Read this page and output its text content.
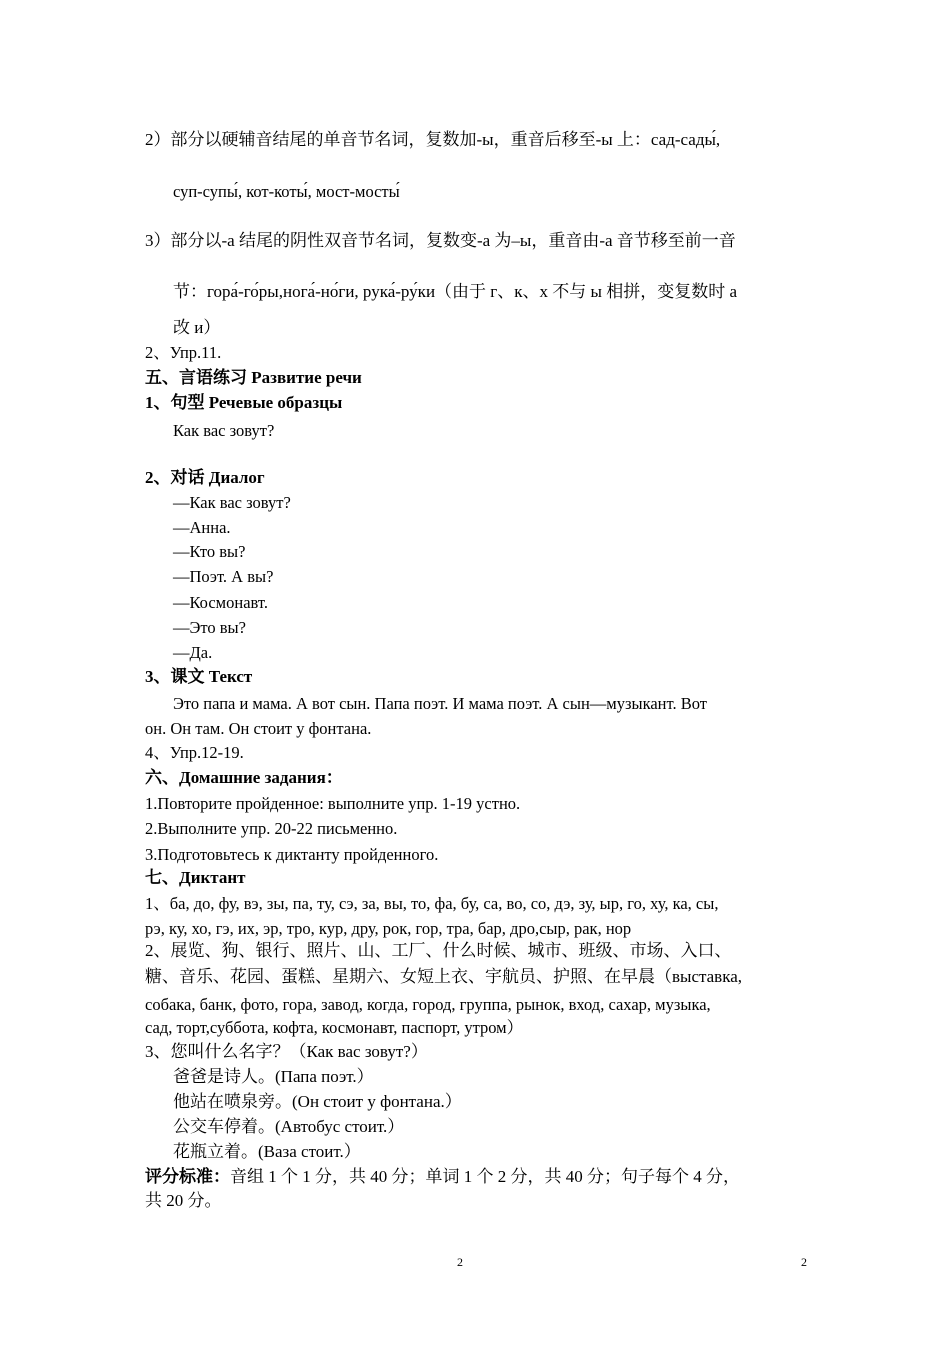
2）部分以硬辅音结尾的单音节名词，复数加-ы，重音后移至-ы 上：сад-сады́,
суп-супы́, кот-коты́, мост-мосты́
3）部分以-а 结尾的阴性双音节名词，复数变-а 为–ы，重音由-а 音节移至前一音
节：гора́-го́ры,нога́-но́ги, рука́-ру́ки（由于 г、к、х 不与 ы 相拼，变复数时 а
改 и）
2、Упр.11.
五、言语练习 Развитие речи
1、句型 Речевые образцы
Как вас зовут?
2、对话 Диалог
—Как вас зовут?
—Анна.
—Кто вы?
—Поэт. А вы?
—Космонавт.
—Это вы?
—Да.
3、课文 Текст
Это папа и мама. А вот сын. Папа поэт. И мама поэт. А сын—музыкант. Вот
он. Он там. Он стоит у фонтана.
4、Упр.12-19.
六、Домашние задания：
1.Повторите пройденное: выполните упр. 1-19 устно.
2.Выполните упр. 20-22 письменно.
3.Подготовьтесь к диктанту пройденного.
七、Диктант
1、ба, до, фу, вэ, зы, па, ту, сэ, за, вы, то, фа, бу, са, во, со, дэ, зу, ыр, го, ху, ка, сы,
рэ, ку, хо, гэ, их, эр, тро, кур, дру, рок, гор, тра, бар, дро,сыр, рак, нор
2、展览、狗、银行、照片、山、工厂、什么时候、城市、班级、市场、入口、
糖、音乐、花园、蛋糕、星期六、女短上衣、宇航员、护照、在早晨（выставка,
собака, банк, фото, гора, завод, когда, город, группа, рынок, вход, сахар, музыка,
сад, торт,суббота, кофта, космонавт, паспорт, утром）
3、您叫什么名字？（Как вас зовут?）
爸爸是诗人。(Папа поэт.）
他站在喷泉旁。(Он стоит у фонтана.）
公交车停着。(Автобус стоит.）
花瓶立着。(Ваза стоит.）
评分标准：音组 1 个 1 分，共 40 分；单词 1 个 2 分，共 40 分；句子每个 4 分，
共 20 分。
2	2
